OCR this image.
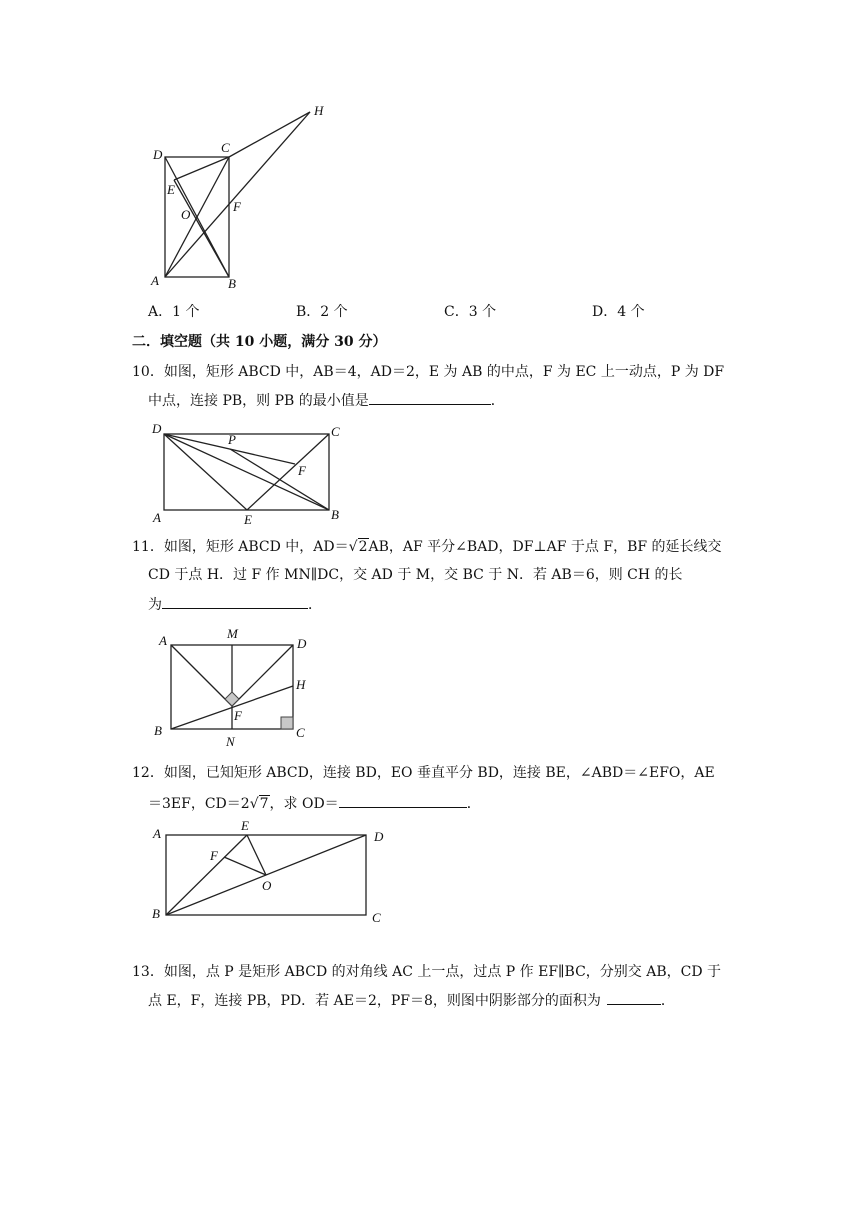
H
D	C
E
O
F
A	B
A．1 个	B．2 个	C．3 个	D．4 个
二．填空题（共 10 小题，满分 30 分）
10．如图，矩形 ABCD 中，AB＝4，AD＝2，E 为 AB 的中点，F 为 EC 上一动点，P 为 DF
中点，连接 PB，则 PB 的最小值是	．
D
P
C
F
A	E	B
11．如图，矩形 ABCD 中，AD＝√2AB，AF 平分∠BAD，DF⊥AF 于点 F，BF 的延长线交
CD 于点 H．过 F 作 MN∥DC，交 AD 于 M，交 BC 于 N．若 AB＝6，则 CH 的长
为	．
A	M
D
H
F
B
N
C
12．如图，已知矩形 ABCD，连接 BD，EO 垂直平分 BD，连接 BE，∠ABD＝∠EFO，AE
＝3EF，CD＝2√7，求 OD＝	．
A
E
D
F
O
B	C
13．如图，点 P 是矩形 ABCD 的对角线 AC 上一点，过点 P 作 EF∥BC，分别交 AB，CD 于
点 E，F，连接 PB，PD．若 AE＝2，PF＝8，则图中阴影部分的面积为	．
